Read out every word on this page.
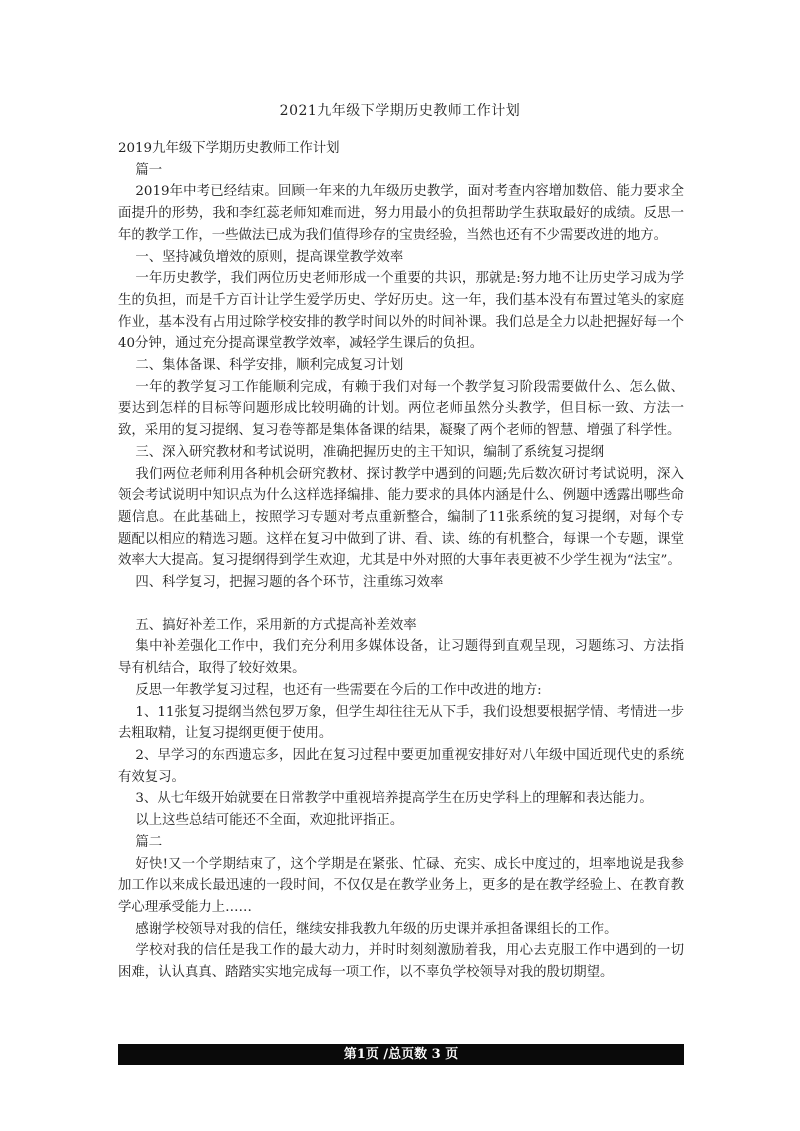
2021九年级下学期历史教师工作计划

2019九年级下学期历史教师工作计划

篇一

2019年中考已经结束。回顾一年来的九年级历史教学，面对考查内容增加数倍、能力要求全面提升的形势，我和李红蕊老师知难而进，努力用最小的负担帮助学生获取最好的成绩。反思一年的教学工作，一些做法已成为我们值得珍存的宝贵经验，当然也还有不少需要改进的地方。

一、坚持减负增效的原则，提高课堂教学效率

一年历史教学，我们两位历史老师形成一个重要的共识，那就是:努力地不让历史学习成为学生的负担，而是千方百计让学生爱学历史、学好历史。这一年，我们基本没有布置过笔头的家庭作业，基本没有占用过除学校安排的教学时间以外的时间补课。我们总是全力以赴把握好每一个40分钟，通过充分提高课堂教学效率，减轻学生课后的负担。

二、集体备课、科学安排，顺利完成复习计划

一年的教学复习工作能顺利完成，有赖于我们对每一个教学复习阶段需要做什么、怎么做、要达到怎样的目标等问题形成比较明确的计划。两位老师虽然分头教学，但目标一致、方法一致，采用的复习提纲、复习卷等都是集体备课的结果，凝聚了两个老师的智慧、增强了科学性。

三、深入研究教材和考试说明，准确把握历史的主干知识，编制了系统复习提纲

我们两位老师利用各种机会研究教材、探讨教学中遇到的问题;先后数次研讨考试说明，深入领会考试说明中知识点为什么这样选择编排、能力要求的具体内涵是什么、例题中透露出哪些命题信息。在此基础上，按照学习专题对考点重新整合，编制了11张系统的复习提纲，对每个专题配以相应的精选习题。这样在复习中做到了讲、看、读、练的有机整合，每课一个专题，课堂效率大大提高。复习提纲得到学生欢迎，尤其是中外对照的大事年表更被不少学生视为“法宝”。

四、科学复习，把握习题的各个环节，注重练习效率

五、搞好补差工作，采用新的方式提高补差效率

集中补差强化工作中，我们充分利用多媒体设备，让习题得到直观呈现，习题练习、方法指导有机结合，取得了较好效果。

反思一年教学复习过程，也还有一些需要在今后的工作中改进的地方:

1、11张复习提纲当然包罗万象，但学生却往往无从下手，我们设想要根据学情、考情进一步去粗取精，让复习提纲更便于使用。

2、早学习的东西遗忘多，因此在复习过程中要更加重视安排好对八年级中国近现代史的系统有效复习。

3、从七年级开始就要在日常教学中重视培养提高学生在历史学科上的理解和表达能力。

以上这些总结可能还不全面，欢迎批评指正。

篇二

好快!又一个学期结束了，这个学期是在紧张、忙碌、充实、成长中度过的，坦率地说是我参加工作以来成长最迅速的一段时间，不仅仅是在教学业务上，更多的是在教学经验上、在教育教学心理承受能力上……

感谢学校领导对我的信任，继续安排我教九年级的历史课并承担备课组长的工作。

学校对我的信任是我工作的最大动力，并时时刻刻激励着我，用心去克服工作中遇到的一切困难，认认真真、踏踏实实地完成每一项工作，以不辜负学校领导对我的殷切期望。

第1页 /总页数 3 页
